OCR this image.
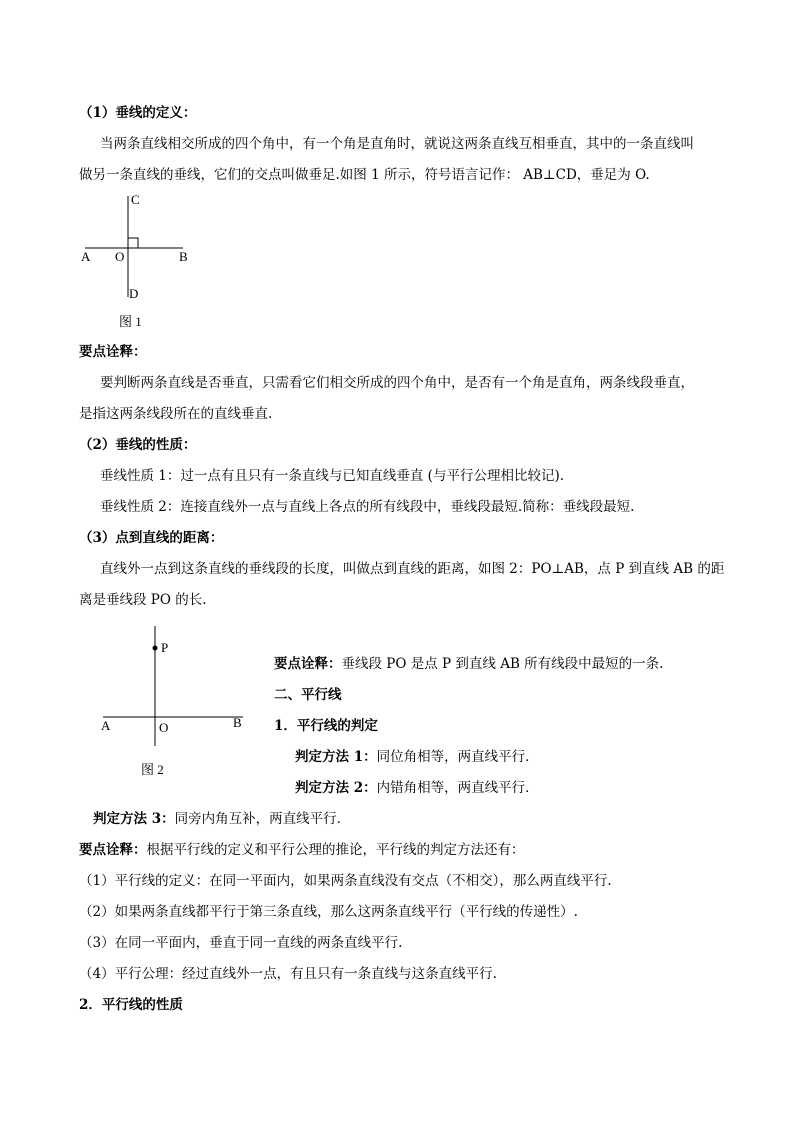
（1）垂线的定义：
当两条直线相交所成的四个角中，有一个角是直角时，就说这两条直线互相垂直，其中的一条直线叫
做另一条直线的垂线，它们的交点叫做垂足.如图 1 所示，符号语言记作： AB⊥CD，垂足为 O.
C
A O	B
D
图 1
要点诠释：
要判断两条直线是否垂直，只需看它们相交所成的四个角中，是否有一个角是直角，两条线段垂直，
是指这两条线段所在的直线垂直.
（2）垂线的性质：
垂线性质 1：过一点有且只有一条直线与已知直线垂直 (与平行公理相比较记).
垂线性质 2：连接直线外一点与直线上各点的所有线段中，垂线段最短.简称：垂线段最短.
（3）点到直线的距离：
直线外一点到这条直线的垂线段的长度，叫做点到直线的距离，如图 2：PO⊥AB，点 P 到直线 AB 的距
离是垂线段 PO 的长.
P
A	O	B
图 2
要点诠释：垂线段 PO 是点 P 到直线 AB 所有线段中最短的一条.
二、平行线
1．平行线的判定
判定方法 1：同位角相等，两直线平行．
判定方法 2：内错角相等，两直线平行．
判定方法 3：同旁内角互补，两直线平行．
要点诠释：根据平行线的定义和平行公理的推论，平行线的判定方法还有：
（1）平行线的定义：在同一平面内，如果两条直线没有交点（不相交），那么两直线平行.
（2）如果两条直线都平行于第三条直线，那么这两条直线平行（平行线的传递性）.
（3）在同一平面内，垂直于同一直线的两条直线平行.
（4）平行公理：经过直线外一点，有且只有一条直线与这条直线平行.
2．平行线的性质
